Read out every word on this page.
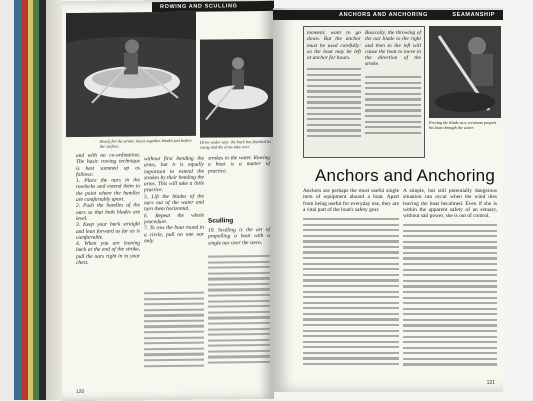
ROWING AND SCULLING
Ready for the stroke: knees together, blades just before the surface.
Drive under way: the back has finished its swing and the arms take over.
and with no co-ordination. The basic rowing technique is best summed up as follows:
1. Place the oars in the rowlocks and extend them to the point where the handles are comfortably apart.
2. Push the handles of the oars so that both blades are level.
3. Keep your back straight and lean forward as far as is comfortable.
4. When you are leaning back at the end of the stroke, pull the oars right in to your chest.
without first bending the arms, but it is equally important to extend the strokes by their bending the arms. This will take a little practice.
5. Lift the blades of the oars out of the water and turn them horizontal.
6. Repeat the whole procedure.
7. To row the boat round in a circle, pull on one oar only.
strokes in the water. Rowing a boat is a matter of practice.
Sculling
10. Sculling is the art of propelling a boat with a single oar over the stern.
120
ANCHORS AND ANCHORING	SEAMANSHIP
moment, want to go down. But the anchor must be used carefully: as the boat may be left at anchor for hours.
Basically, the throwing of the oar blade to the right and then to the left will cause the boat to move in the direction of the stroke.
Freeing the blade as a crewman propels his boat through the water.
Anchors and Anchoring
Anchors are perhaps the most useful single item of equipment aboard a boat. Apart from being useful for everyday use, they are a vital part of the boat's safety gear.
A simple, but still potentially dangerous situation can occur when the wind dies leaving the boat becalmed. Even if she is within the apparent safety of an estuary, without sail power, she is out of control.
121
